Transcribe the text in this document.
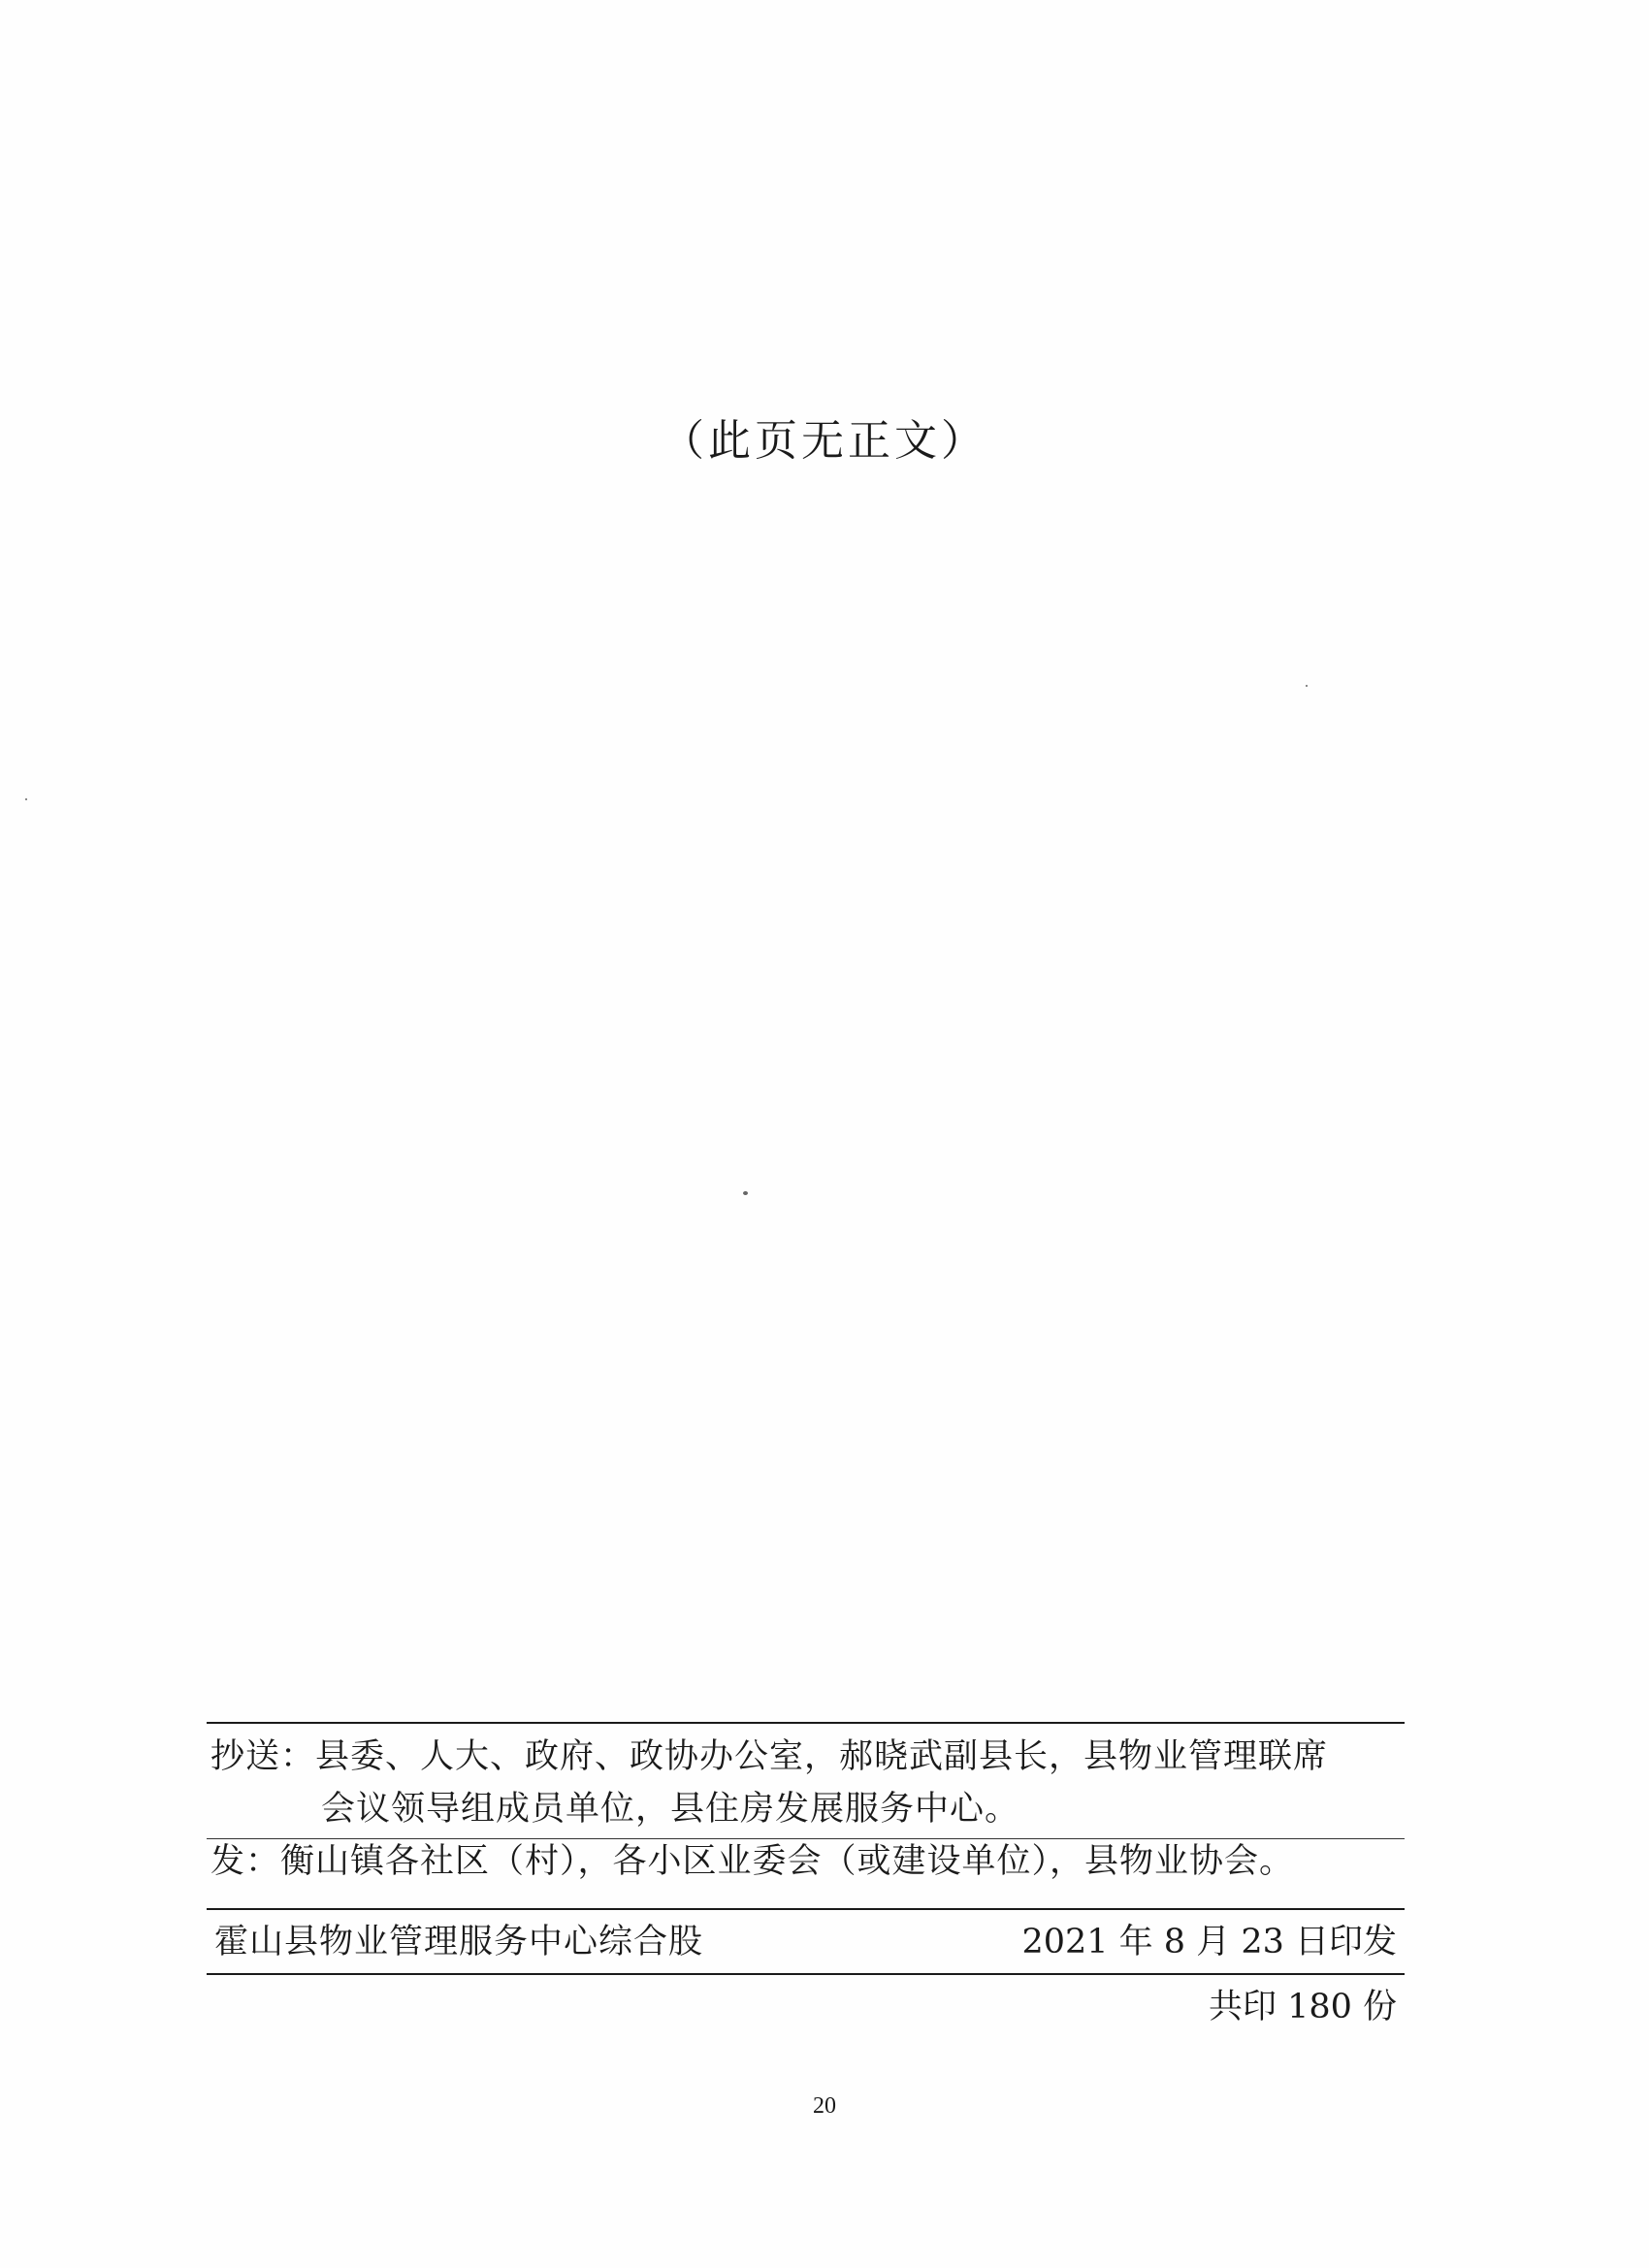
（此页无正文）
抄送：县委、人大、政府、政协办公室，郝晓武副县长，县物业管理联席
会议领导组成员单位，县住房发展服务中心。
发：衡山镇各社区（村），各小区业委会（或建设单位），县物业协会。
霍山县物业管理服务中心综合股	2021 年 8 月 23 日印发
共印 180 份
20
